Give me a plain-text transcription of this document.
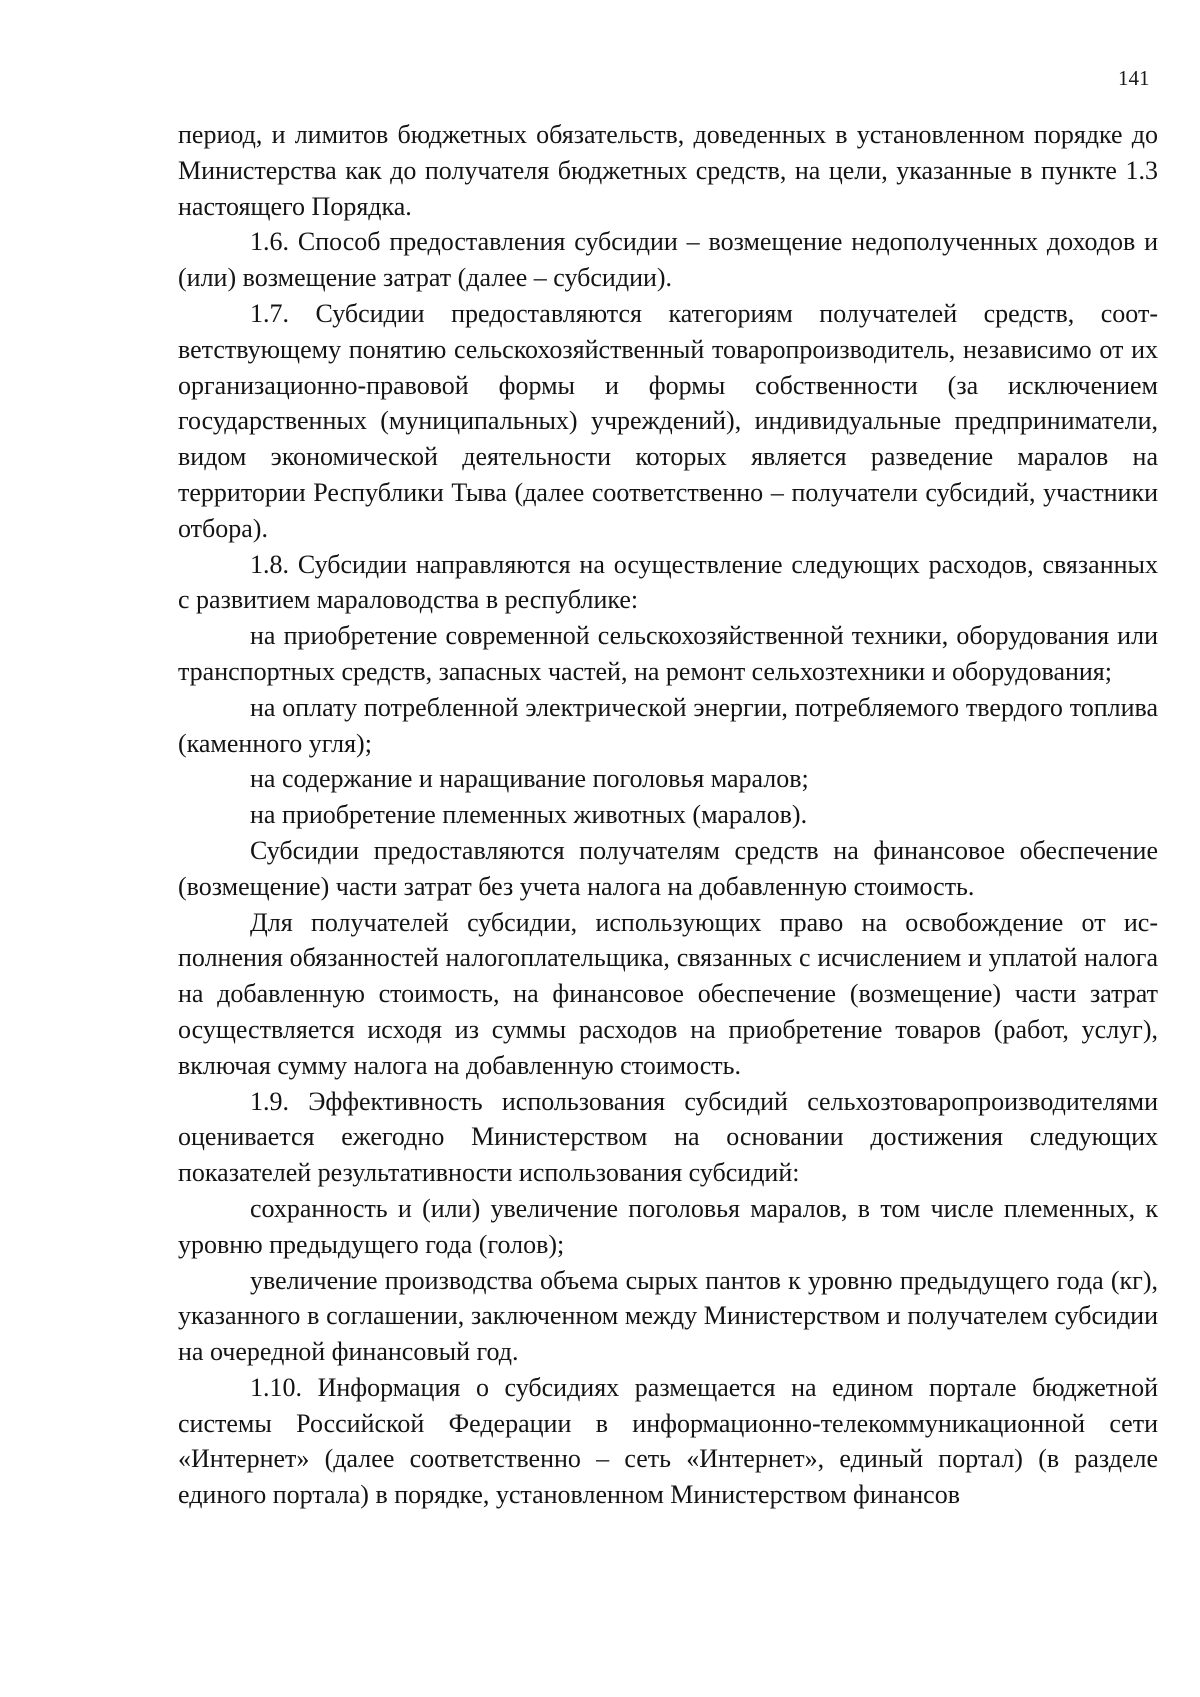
141

период, и лимитов бюджетных обязательств, доведенных в установленном порядке до Министерства как до получателя бюджетных средств, на цели, указанные в пункте 1.3 настоящего Порядка.

1.6. Способ предоставления субсидии – возмещение недополученных доходов и (или) возмещение затрат (далее – субсидии).

1.7. Субсидии предоставляются категориям получателей средств, соответствующему понятию сельскохозяйственный товаропроизводитель, независимо от их организационно-правовой формы и формы собственности (за исключением государственных (муниципальных) учреждений), индивидуальные предприниматели, видом экономической деятельности которых является разведение маралов на территории Республики Тыва (далее соответственно – получатели субсидий, участники отбора).

1.8. Субсидии направляются на осуществление следующих расходов, связанных с развитием мараловодства в республике:

на приобретение современной сельскохозяйственной техники, оборудования или транспортных средств, запасных частей, на ремонт сельхозтехники и оборудования;

на оплату потребленной электрической энергии, потребляемого твердого топлива (каменного угля);

на содержание и наращивание поголовья маралов;

на приобретение племенных животных (маралов).

Субсидии предоставляются получателям средств на финансовое обеспечение (возмещение) части затрат без учета налога на добавленную стоимость.

Для получателей субсидии, использующих право на освобождение от исполнения обязанностей налогоплательщика, связанных с исчислением и уплатой налога на добавленную стоимость, на финансовое обеспечение (возмещение) части затрат осуществляется исходя из суммы расходов на приобретение товаров (работ, услуг), включая сумму налога на добавленную стоимость.

1.9. Эффективность использования субсидий сельхозтоваропроизводителями оценивается ежегодно Министерством на основании достижения следующих показателей результативности использования субсидий:

сохранность и (или) увеличение поголовья маралов, в том числе племенных, к уровню предыдущего года (голов);

увеличение производства объема сырых пантов к уровню предыдущего года (кг), указанного в соглашении, заключенном между Министерством и получателем субсидии на очередной финансовый год.

1.10. Информация о субсидиях размещается на едином портале бюджетной системы Российской Федерации в информационно-телекоммуникационной сети «Интернет» (далее соответственно – сеть «Интернет», единый портал) (в разделе единого портала) в порядке, установленном Министерством финансов
